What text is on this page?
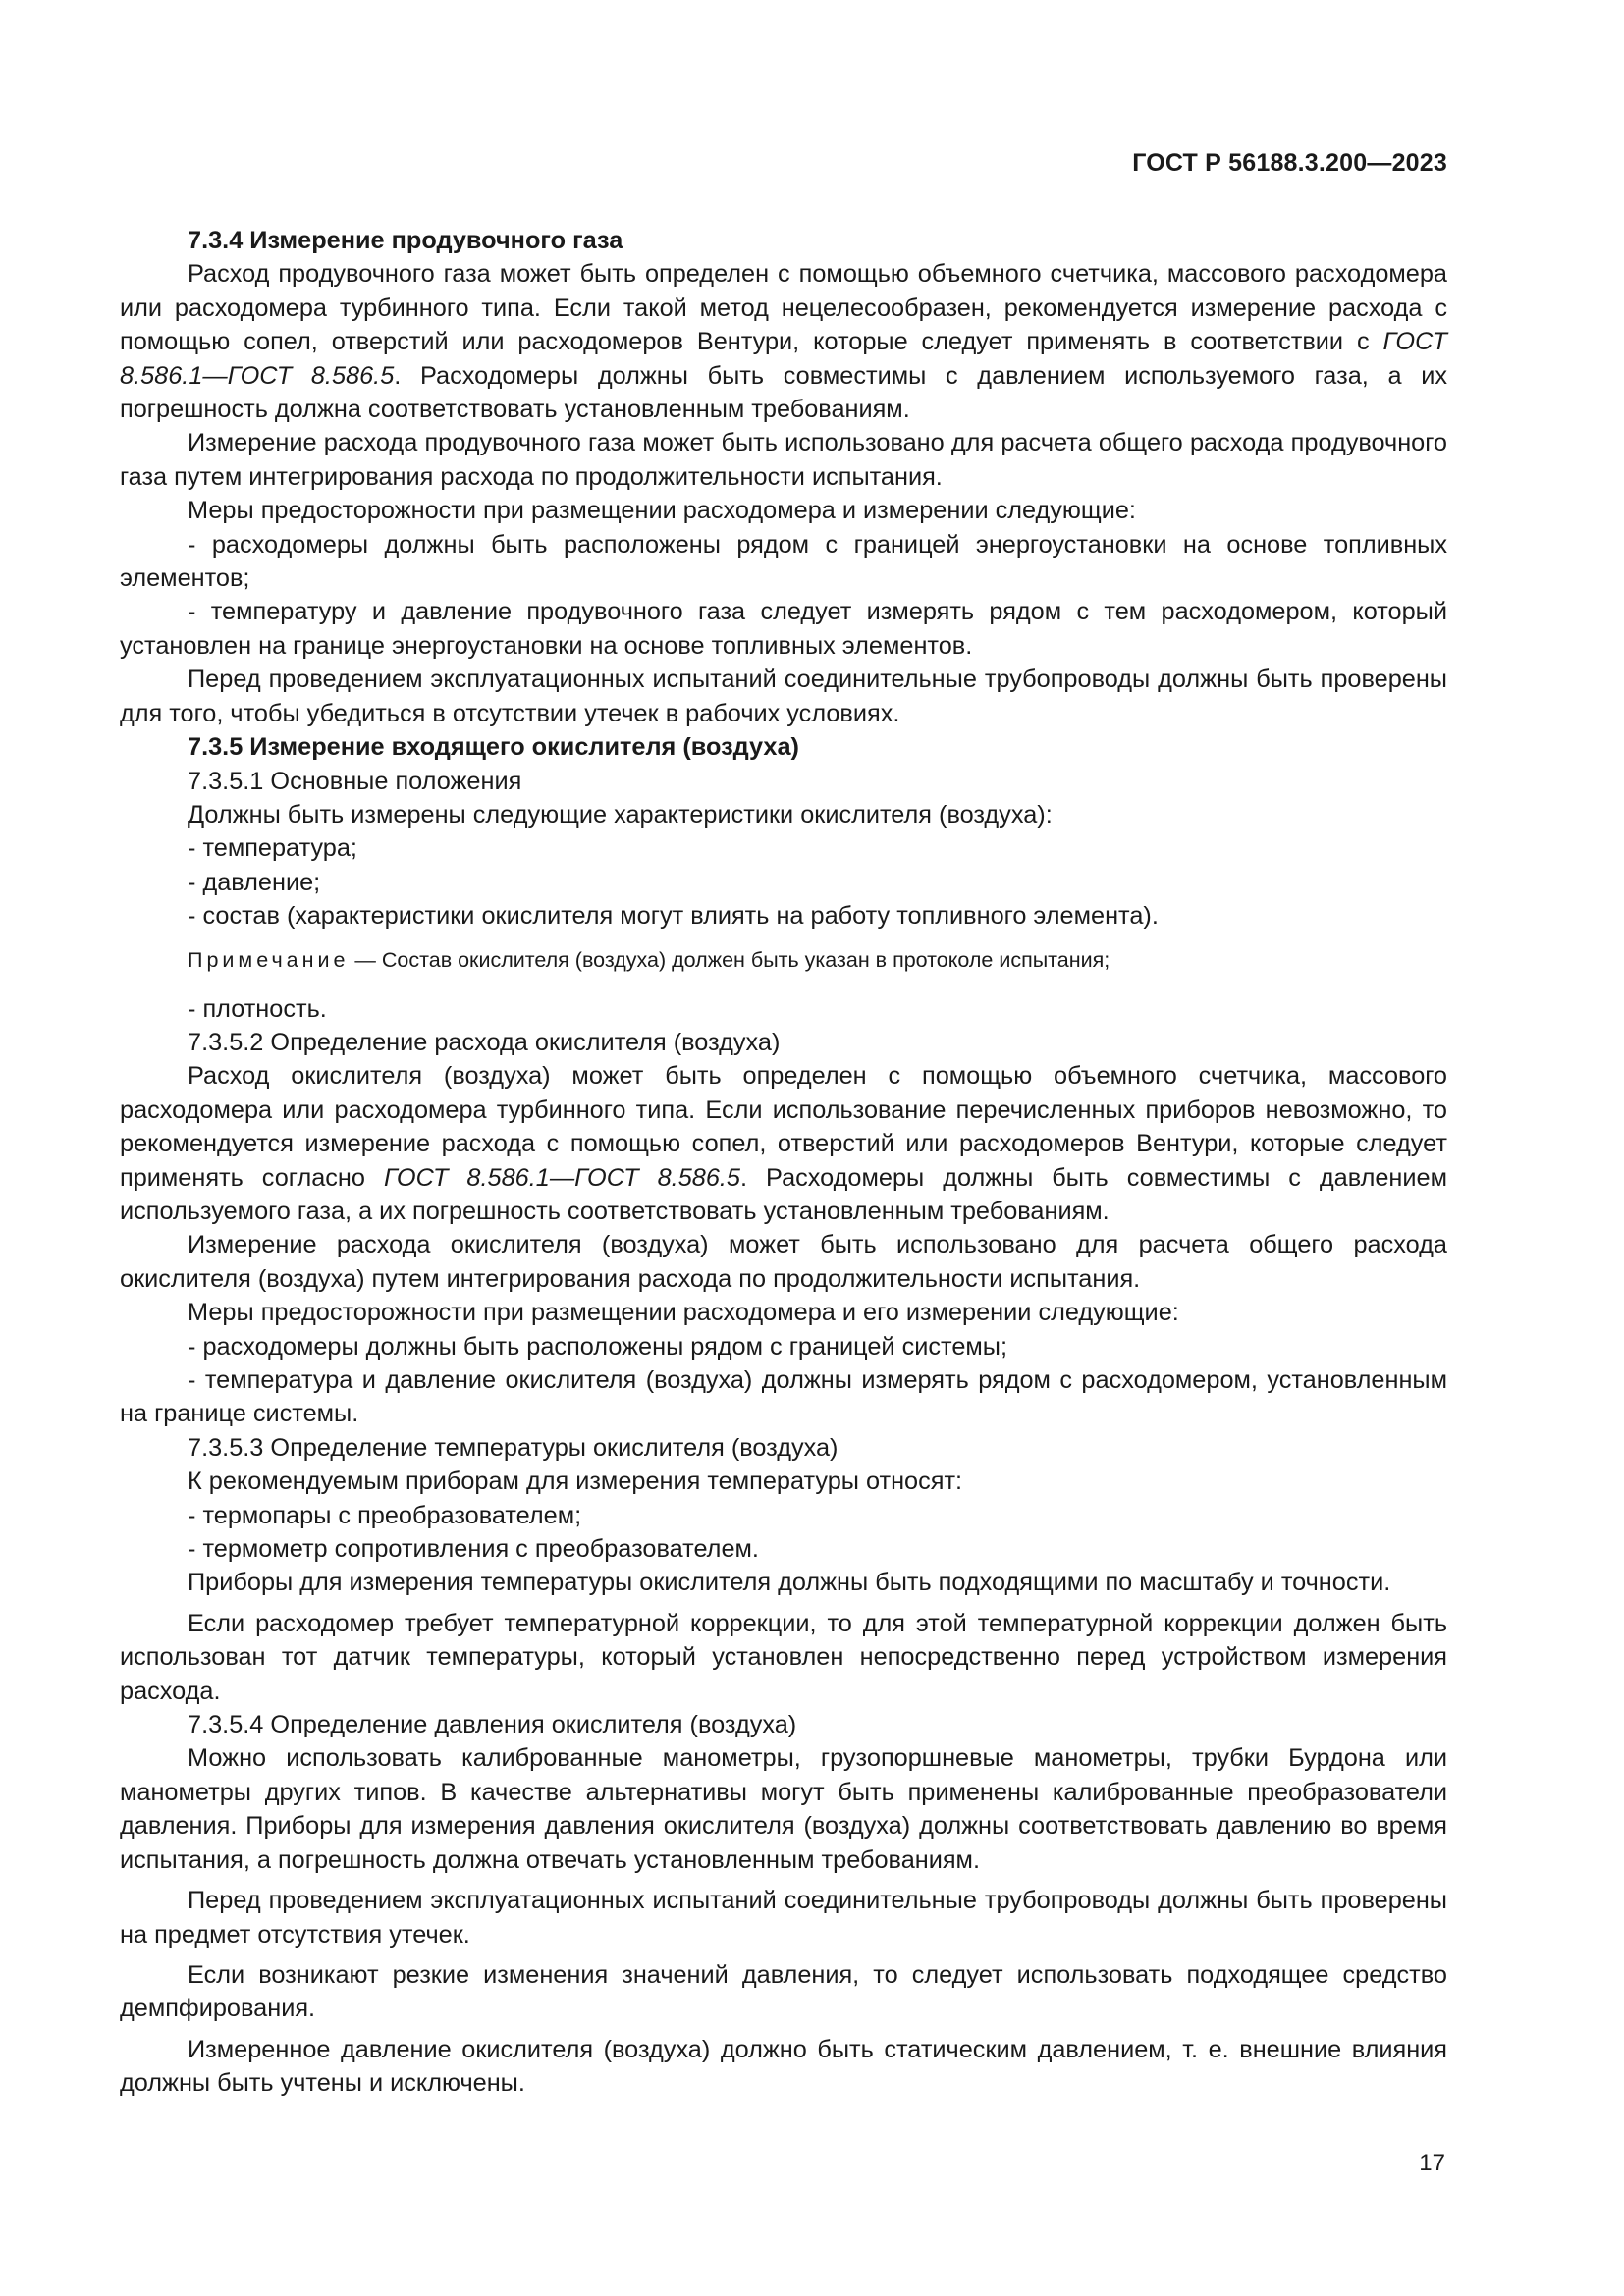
ГОСТ Р 56188.3.200—2023

7.3.4 Измерение продувочного газа

Расход продувочного газа может быть определен с помощью объемного счетчика, массового расходомера или расходомера турбинного типа. Если такой метод нецелесообразен, рекомендуется измерение расхода с помощью сопел, отверстий или расходомеров Вентури, которые следует применять в соответствии с ГОСТ 8.586.1—ГОСТ 8.586.5. Расходомеры должны быть совместимы с давлением используемого газа, а их погрешность должна соответствовать установленным требованиям.

Измерение расхода продувочного газа может быть использовано для расчета общего расхода продувочного газа путем интегрирования расхода по продолжительности испытания.

Меры предосторожности при размещении расходомера и измерении следующие:

- расходомеры должны быть расположены рядом с границей энергоустановки на основе топливных элементов;

- температуру и давление продувочного газа следует измерять рядом с тем расходомером, который установлен на границе энергоустановки на основе топливных элементов.

Перед проведением эксплуатационных испытаний соединительные трубопроводы должны быть проверены для того, чтобы убедиться в отсутствии утечек в рабочих условиях.

7.3.5 Измерение входящего окислителя (воздуха)

7.3.5.1 Основные положения

Должны быть измерены следующие характеристики окислителя (воздуха):

- температура;

- давление;

- состав (характеристики окислителя могут влиять на работу топливного элемента).

Примечание — Состав окислителя (воздуха) должен быть указан в протоколе испытания;

- плотность.

7.3.5.2 Определение расхода окислителя (воздуха)

Расход окислителя (воздуха) может быть определен с помощью объемного счетчика, массового расходомера или расходомера турбинного типа. Если использование перечисленных приборов невозможно, то рекомендуется измерение расхода с помощью сопел, отверстий или расходомеров Вентури, которые следует применять согласно ГОСТ 8.586.1—ГОСТ 8.586.5. Расходомеры должны быть совместимы с давлением используемого газа, а их погрешность соответствовать установленным требованиям.

Измерение расхода окислителя (воздуха) может быть использовано для расчета общего расхода окислителя (воздуха) путем интегрирования расхода по продолжительности испытания.

Меры предосторожности при размещении расходомера и его измерении следующие:

- расходомеры должны быть расположены рядом с границей системы;

- температура и давление окислителя (воздуха) должны измерять рядом с расходомером, установленным на границе системы.

7.3.5.3 Определение температуры окислителя (воздуха)

К рекомендуемым приборам для измерения температуры относят:

- термопары с преобразователем;

- термометр сопротивления с преобразователем.

Приборы для измерения температуры окислителя должны быть подходящими по масштабу и точности.

Если расходомер требует температурной коррекции, то для этой температурной коррекции должен быть использован тот датчик температуры, который установлен непосредственно перед устройством измерения расхода.

7.3.5.4 Определение давления окислителя (воздуха)

Можно использовать калиброванные манометры, грузопоршневые манометры, трубки Бурдона или манометры других типов. В качестве альтернативы могут быть применены калиброванные преобразователи давления. Приборы для измерения давления окислителя (воздуха) должны соответствовать давлению во время испытания, а погрешность должна отвечать установленным требованиям.

Перед проведением эксплуатационных испытаний соединительные трубопроводы должны быть проверены на предмет отсутствия утечек.

Если возникают резкие изменения значений давления, то следует использовать подходящее средство демпфирования.

Измеренное давление окислителя (воздуха) должно быть статическим давлением, т. е. внешние влияния должны быть учтены и исключены.

17
